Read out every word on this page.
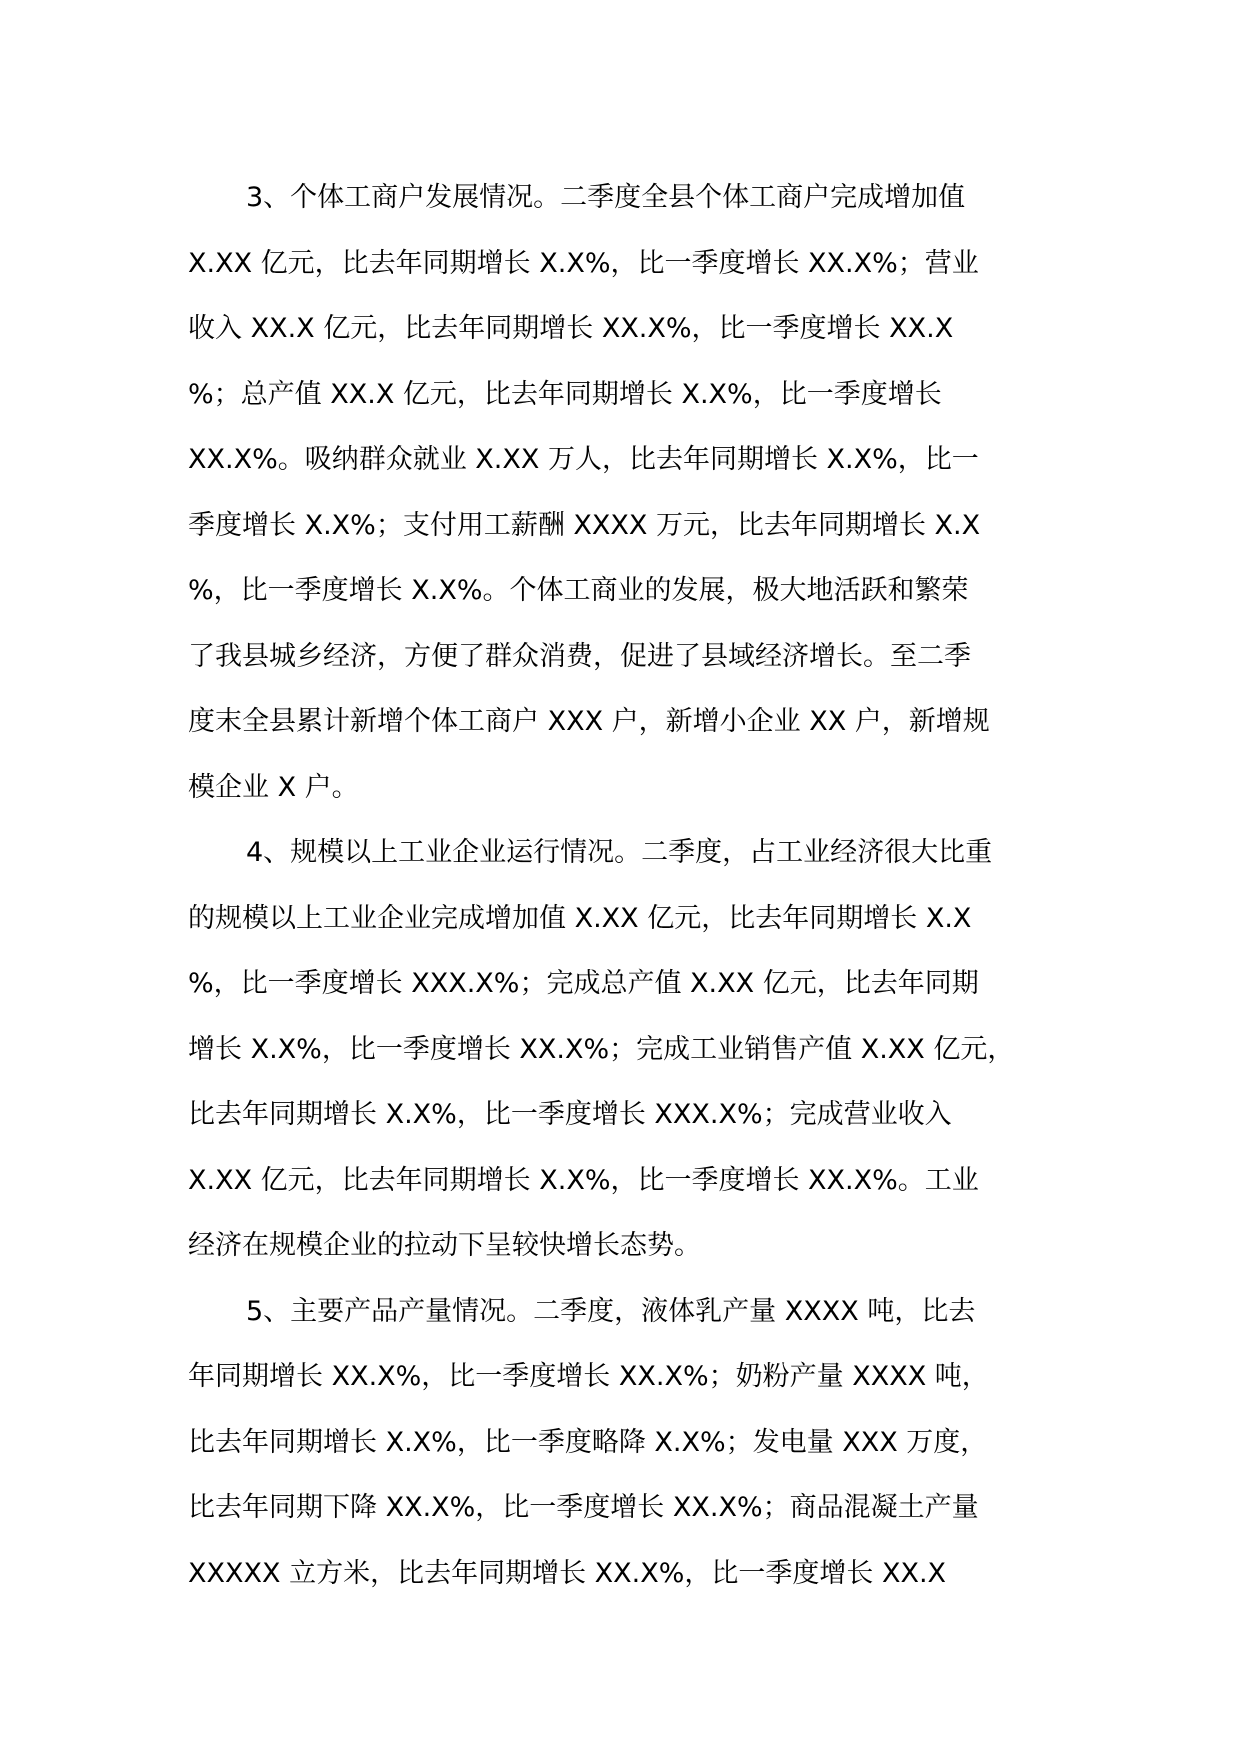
3、个体工商户发展情况。二季度全县个体工商户完成增加值
X.XX 亿元，比去年同期增长 X.X%，比一季度增长 XX.X%；营业
收入 XX.X 亿元，比去年同期增长 XX.X%，比一季度增长 XX.X
%；总产值 XX.X 亿元，比去年同期增长 X.X%，比一季度增长
XX.X%。吸纳群众就业 X.XX 万人，比去年同期增长 X.X%，比一
季度增长 X.X%；支付用工薪酬 XXXX 万元，比去年同期增长 X.X
%，比一季度增长 X.X%。个体工商业的发展，极大地活跃和繁荣
了我县城乡经济，方便了群众消费，促进了县域经济增长。至二季
度末全县累计新增个体工商户 XXX 户，新增小企业 XX 户，新增规
模企业 X 户。
4、规模以上工业企业运行情况。二季度，占工业经济很大比重
的规模以上工业企业完成增加值 X.XX 亿元，比去年同期增长 X.X
%，比一季度增长 XXX.X%；完成总产值 X.XX 亿元，比去年同期
增长 X.X%，比一季度增长 XX.X%；完成工业销售产值 X.XX 亿元，
比去年同期增长 X.X%，比一季度增长 XXX.X%；完成营业收入
X.XX 亿元，比去年同期增长 X.X%，比一季度增长 XX.X%。工业
经济在规模企业的拉动下呈较快增长态势。
5、主要产品产量情况。二季度，液体乳产量 XXXX 吨，比去
年同期增长 XX.X%，比一季度增长 XX.X%；奶粉产量 XXXX 吨，
比去年同期增长 X.X%，比一季度略降 X.X%；发电量 XXX 万度，
比去年同期下降 XX.X%，比一季度增长 XX.X%；商品混凝土产量
XXXXX 立方米，比去年同期增长 XX.X%，比一季度增长 XX.X
